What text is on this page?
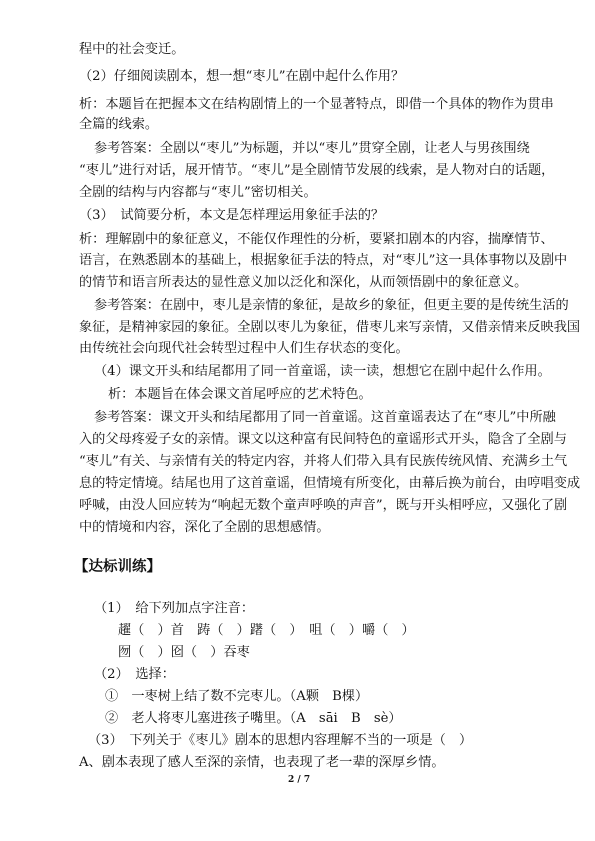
程中的社会变迁。
（2）仔细阅读剧本，想一想“枣儿”在剧中起什么作用？
析：本题旨在把握本文在结构剧情上的一个显著特点，即借一个具体的物作为贯串
全篇的线索。
参考答案：全剧以“枣儿”为标题，并以“枣儿”贯穿全剧，让老人与男孩围绕
“枣儿”进行对话，展开情节。“枣儿”是全剧情节发展的线索，是人物对白的话题，
全剧的结构与内容都与“枣儿”密切相关。
（3）　试简要分析，本文是怎样理运用象征手法的？
析：理解剧中的象征意义，不能仅作理性的分析，要紧扣剧本的内容，揣摩情节、
语言，在熟悉剧本的基础上，根据象征手法的特点，对“枣儿”这一具体事物以及剧中
的情节和语言所表达的显性意义加以泛化和深化，从而领悟剧中的象征意义。
参考答案：在剧中，枣儿是亲情的象征，是故乡的象征，但更主要的是传统生活的
象征，是精神家园的象征。全剧以枣儿为象征，借枣儿来写亲情，又借亲情来反映我国
由传统社会向现代社会转型过程中人们生存状态的变化。
（4）课文开头和结尾都用了同一首童谣，读一读，想想它在剧中起什么作用。
析：本题旨在体会课文首尾呼应的艺术特色。
参考答案：课文开头和结尾都用了同一首童谣。这首童谣表达了在“枣儿”中所融
入的父母疼爱子女的亲情。课文以这种富有民间特色的童谣形式开头，隐含了全剧与
“枣儿”有关、与亲情有关的特定内容，并将人们带入具有民族传统风情、充满乡土气
息的特定情境。结尾也用了这首童谣，但情境有所变化，由幕后换为前台，由哼唱变成
呼喊，由没人回应转为“响起无数个童声呼唤的声音”，既与开头相呼应，又强化了剧
中的情境和内容，深化了全剧的思想感情。
【达标训练】
（1）　给下列加点字注音：
趯（　）首　踌（　）躇（　）　咀（　）嚼（　）
囫（　）囵（　）吞枣
（2）　选择：
①　一枣树上结了数不完枣儿。（A颗　B棵）
②　老人将枣儿塞进孩子嘴里。（A　sāi　B　sè）
（3）　下列关于《枣儿》剧本的思想内容理解不当的一项是（　）
A、剧本表现了感人至深的亲情，也表现了老一辈的深厚乡情。
2 / 7
